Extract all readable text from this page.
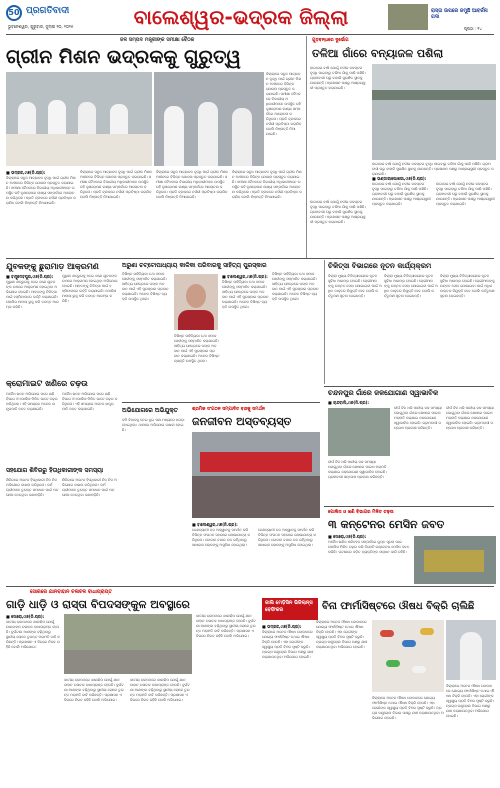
50 ପ୍ରଗତିବାଦୀ
ଭୁବନେଶ୍ୱର, ଗୁରୁବାର, ଜୁଲାଇ ୧୦, ୨୦୨୫	ବାଲେଶ୍ୱର-ଭଦ୍ରକ ଜିଲ୍ଲା	ରାସ୍ତା ଉପରେ ଜମୁଛି ଆବର୍ଜନା ଗଦା
ପୃଷ୍ଠା : ୧୪
ଜଳ ସମ୍ପଦ ମନ୍ତ୍ରୀଙ୍କ ସମୀକ୍ଷା ବୈଠକ
ଗ୍ରୀନ ମିଶନ ଭଦ୍ରକକୁ ଗୁରୁତ୍ୱ
ଜିଲ୍ଲାରେ ସବୁଜ ଆଚ୍ଛାଦନ ବୃଦ୍ଧି ପାଇଁ ଗ୍ରୀନ ମିଶନ ଅଧୀନରେ ବିଭିନ୍ନ ଯୋଜନା ପ୍ରସ୍ତୁତ କରାଯାଇଛି। ସମୀକ୍ଷା ବୈଠକରେ ବିଭାଗୀୟ ଅଧିକାରୀମାନେ ଉପସ୍ଥିତ ରହି ବୃକ୍ଷରୋପଣ ଲକ୍ଷ୍ୟ ସମ୍ପର୍କରେ ଆଲୋଚନା କରିଥିଲେ। ପ୍ରତି ବ୍ଲକରେ ନର୍ସରୀ ପ୍ରତିଷ୍ଠା କରାଯିବ ବୋଲି ନିଷ୍ପତ୍ତି ନିଆଯାଇଛି।
■ ଭଦ୍ରକ,୯ା୭(ନି.ପ୍ର):
ଜିଲ୍ଲାରେ ସବୁଜ ଆଚ୍ଛାଦନ ବୃଦ୍ଧି ପାଇଁ ଗ୍ରୀନ ମିଶନ ଅଧୀନରେ ବିଭିନ୍ନ ଯୋଜନା ପ୍ରସ୍ତୁତ କରାଯାଇଛି। ସମୀକ୍ଷା ବୈଠକରେ ବିଭାଗୀୟ ଅଧିକାରୀମାନେ ଉପସ୍ଥିତ ରହି ବୃକ୍ଷରୋପଣ ଲକ୍ଷ୍ୟ ସମ୍ପର୍କରେ ଆଲୋଚନା କରିଥିଲେ। ପ୍ରତି ବ୍ଲକରେ ନର୍ସରୀ ପ୍ରତିଷ୍ଠା କରାଯିବ ବୋଲି ନିଷ୍ପତ୍ତି ନିଆଯାଇଛି।
ଜିଲ୍ଲାରେ ସବୁଜ ଆଚ୍ଛାଦନ ବୃଦ୍ଧି ପାଇଁ ଗ୍ରୀନ ମିଶନ ଅଧୀନରେ ବିଭିନ୍ନ ଯୋଜନା ପ୍ରସ୍ତୁତ କରାଯାଇଛି। ସମୀକ୍ଷା ବୈଠକରେ ବିଭାଗୀୟ ଅଧିକାରୀମାନେ ଉପସ୍ଥିତ ରହି ବୃକ୍ଷରୋପଣ ଲକ୍ଷ୍ୟ ସମ୍ପର୍କରେ ଆଲୋଚନା କରିଥିଲେ। ପ୍ରତି ବ୍ଲକରେ ନର୍ସରୀ ପ୍ରତିଷ୍ଠା କରାଯିବ ବୋଲି ନିଷ୍ପତ୍ତି ନିଆଯାଇଛି।
ଜିଲ୍ଲାରେ ସବୁଜ ଆଚ୍ଛାଦନ ବୃଦ୍ଧି ପାଇଁ ଗ୍ରୀନ ମିଶନ ଅଧୀନରେ ବିଭିନ୍ନ ଯୋଜନା ପ୍ରସ୍ତୁତ କରାଯାଇଛି। ସମୀକ୍ଷା ବୈଠକରେ ବିଭାଗୀୟ ଅଧିକାରୀମାନେ ଉପସ୍ଥିତ ରହି ବୃକ୍ଷରୋପଣ ଲକ୍ଷ୍ୟ ସମ୍ପର୍କରେ ଆଲୋଚନା କରିଥିଲେ। ପ୍ରତି ବ୍ଲକରେ ନର୍ସରୀ ପ୍ରତିଷ୍ଠା କରାଯିବ ବୋଲି ନିଷ୍ପତ୍ତି ନିଆଯାଇଛି।
ଜିଲ୍ଲାରେ ସବୁଜ ଆଚ୍ଛାଦନ ବୃଦ୍ଧି ପାଇଁ ଗ୍ରୀନ ମିଶନ ଅଧୀନରେ ବିଭିନ୍ନ ଯୋଜନା ପ୍ରସ୍ତୁତ କରାଯାଇଛି। ସମୀକ୍ଷା ବୈଠକରେ ବିଭାଗୀୟ ଅଧିକାରୀମାନେ ଉପସ୍ଥିତ ରହି ବୃକ୍ଷରୋପଣ ଲକ୍ଷ୍ୟ ସମ୍ପର୍କରେ ଆଲୋଚନା କରିଥିଲେ। ପ୍ରତି ବ୍ଲକରେ ନର୍ସରୀ ପ୍ରତିଷ୍ଠା କରାଯିବ ବୋଲି ନିଷ୍ପତ୍ତି ନିଆଯାଇଛି।
ଗୁଡ଼ବନ୍ଧରେ ଦୁର୍ଭୋଗ
ତଳିଆ ଗାଁରେ ବନ୍ୟାଜଳ ପଶିଲା
ଲଗାତାର ବର୍ଷା ଯୋଗୁଁ ନଦୀର ଜଳସ୍ତର ବୃଦ୍ଧି ପାଇବାରୁ ତଳିଆ ଗାଁକୁ ପାଣି ପଶିଛି। ଗ୍ରାମବାସୀ ଘରୁ ବାହାରି ସୁରକ୍ଷିତ ସ୍ଥାନକୁ ଯାଉଛନ୍ତି। ପ୍ରଶାସନ ପକ୍ଷରୁ ଆଶ୍ରୟସ୍ଥଳୀ ପ୍ରସ୍ତୁତ କରାଯାଇଛି।
ଲଗାତାର ବର୍ଷା ଯୋଗୁଁ ନଦୀର ଜଳସ୍ତର ବୃଦ୍ଧି ପାଇବାରୁ ତଳିଆ ଗାଁକୁ ପାଣି ପଶିଛି। ଗ୍ରାମବାସୀ ଘରୁ ବାହାରି ସୁରକ୍ଷିତ ସ୍ଥାନକୁ ଯାଉଛନ୍ତି। ପ୍ରଶାସନ ପକ୍ଷରୁ ଆଶ୍ରୟସ୍ଥଳୀ ପ୍ରସ୍ତୁତ କରାଯାଇଛି।
■ ଭଣ୍ଡାରୀପୋଖରୀ,୯ା୭(ନି.ପ୍ର):
ଲଗାତାର ବର୍ଷା ଯୋଗୁଁ ନଦୀର ଜଳସ୍ତର ବୃଦ୍ଧି ପାଇବାରୁ ତଳିଆ ଗାଁକୁ ପାଣି ପଶିଛି। ଗ୍ରାମବାସୀ ଘରୁ ବାହାରି ସୁରକ୍ଷିତ ସ୍ଥାନକୁ ଯାଉଛନ୍ତି। ପ୍ରଶାସନ ପକ୍ଷରୁ ଆଶ୍ରୟସ୍ଥଳୀ ପ୍ରସ୍ତୁତ କରାଯାଇଛି।
ଲଗାତାର ବର୍ଷା ଯୋଗୁଁ ନଦୀର ଜଳସ୍ତର ବୃଦ୍ଧି ପାଇବାରୁ ତଳିଆ ଗାଁକୁ ପାଣି ପଶିଛି। ଗ୍ରାମବାସୀ ଘରୁ ବାହାରି ସୁରକ୍ଷିତ ସ୍ଥାନକୁ ଯାଉଛନ୍ତି। ପ୍ରଶାସନ ପକ୍ଷରୁ ଆଶ୍ରୟସ୍ଥଳୀ ପ୍ରସ୍ତୁତ କରାଯାଇଛି।
ଲଗାତାର ବର୍ଷା ଯୋଗୁଁ ନଦୀର ଜଳସ୍ତର ବୃଦ୍ଧି ପାଇବାରୁ ତଳିଆ ଗାଁକୁ ପାଣି ପଶିଛି। ଗ୍ରାମବାସୀ ଘରୁ ବାହାରି ସୁରକ୍ଷିତ ସ୍ଥାନକୁ ଯାଉଛନ୍ତି। ପ୍ରଶାସନ ପକ୍ଷରୁ ଆଶ୍ରୟସ୍ଥଳୀ ପ୍ରସ୍ତୁତ କରାଯାଇଛି।
ଯୁବକଙ୍କୁ ଛୁରାମାଡ଼ ଆକ୍ରମଣ
■ ବାସୁଦେବପୁର,୯ା୭(ନି.ପ୍ର):
ପୁରୁଣା ଶତ୍ରୁତାକୁ ନେଇ ଜଣେ ଯୁବକଙ୍କ ଉପରେ ଆକ୍ରମଣ ହୋଇଥିବା ଅଭିଯୋଗ ହୋଇଛି। ଆହତଙ୍କୁ ଚିକିତ୍ସା ପାଇଁ ହସ୍ପିଟାଲରେ ଭର୍ତ୍ତି କରାଯାଇଛି। ପୋଲିସ ମାମଲା ରୁଜୁ କରି ତଦନ୍ତ ଆରମ୍ଭ କରିଛି।
ପୁରୁଣା ଶତ୍ରୁତାକୁ ନେଇ ଜଣେ ଯୁବକଙ୍କ ଉପରେ ଆକ୍ରମଣ ହୋଇଥିବା ଅଭିଯୋଗ ହୋଇଛି। ଆହତଙ୍କୁ ଚିକିତ୍ସା ପାଇଁ ହସ୍ପିଟାଲରେ ଭର୍ତ୍ତି କରାଯାଇଛି। ପୋଲିସ ମାମଲା ରୁଜୁ କରି ତଦନ୍ତ ଆରମ୍ଭ କରିଛି।
କ୍ରୋମାଇଟ ଖଣିରେ ଚଢ଼ଉ
ଅବୈଧ ଖନନ ଅଭିଯୋଗ ପରେ ଖଣି ବିଭାଗ ଓ ପୋଲିସ ମିଳିତ ଭାବେ ଚଢ଼ଉ କରିଥିଲେ। ଏହି ସମୟରେ ଅନେକ ଯନ୍ତ୍ରପାତି ଜବତ କରାଯାଇଛି।
ଅବୈଧ ଖନନ ଅଭିଯୋଗ ପରେ ଖଣି ବିଭାଗ ଓ ପୋଲିସ ମିଳିତ ଭାବେ ଚଢ଼ଉ କରିଥିଲେ। ଏହି ସମୟରେ ଅନେକ ଯନ୍ତ୍ରପାତି ଜବତ କରାଯାଇଛି।
ସହଯୋଗ ଶିବିରରୁ ହିତାଧିକାରୀଙ୍କ ସମସ୍ୟା
ଶିବିରରେ ଅନେକ ହିତାଧିକାରୀ ନିଜ ନିଜ ଅଭିଯୋଗ ଦାଖଲ କରିଥିଲେ। କର୍ମଚାରୀମାନେ ତୁରନ୍ତ ସମାଧାନ ପାଇଁ ପଦକ୍ଷେପ ନେଉଥିବା ଜଣାପଡ଼ିଛି।
ଶିବିରରେ ଅନେକ ହିତାଧିକାରୀ ନିଜ ନିଜ ଅଭିଯୋଗ ଦାଖଲ କରିଥିଲେ। କର୍ମଚାରୀମାନେ ତୁରନ୍ତ ସମାଧାନ ପାଇଁ ପଦକ୍ଷେପ ନେଉଥିବା ଜଣାପଡ଼ିଛି।
ଅରୁଣା ଚଟ୍ଟୋପାଧ୍ୟାୟ କାଳିକା ପରିବାରକୁ ସାହିତ୍ୟ ପୁରସ୍କାର
ବିଶିଷ୍ଟ ସାହିତ୍ୟିକା ତଥା ସମାଜସେବୀଙ୍କୁ ସମ୍ମାନିତ କରାଯାଇଛି। ସାହିତ୍ୟ କ୍ଷେତ୍ରରେ ତାଙ୍କ ଅବଦାନ ପାଇଁ ଏହି ପୁରସ୍କାର ପ୍ରଦାନ କରାଯାଇଛି। ଅନେକ ବିଶିଷ୍ଟ ବ୍ୟକ୍ତି ଉପସ୍ଥିତ ଥିଲେ।
■ ବାଲେଶ୍ୱର,୯ା୭(ନି.ପ୍ର):
ବିଶିଷ୍ଟ ସାହିତ୍ୟିକା ତଥା ସମାଜସେବୀଙ୍କୁ ସମ୍ମାନିତ କରାଯାଇଛି। ସାହିତ୍ୟ କ୍ଷେତ୍ରରେ ତାଙ୍କ ଅବଦାନ ପାଇଁ ଏହି ପୁରସ୍କାର ପ୍ରଦାନ କରାଯାଇଛି। ଅନେକ ବିଶିଷ୍ଟ ବ୍ୟକ୍ତି ଉପସ୍ଥିତ ଥିଲେ।
ବିଶିଷ୍ଟ ସାହିତ୍ୟିକା ତଥା ସମାଜସେବୀଙ୍କୁ ସମ୍ମାନିତ କରାଯାଇଛି। ସାହିତ୍ୟ କ୍ଷେତ୍ରରେ ତାଙ୍କ ଅବଦାନ ପାଇଁ ଏହି ପୁରସ୍କାର ପ୍ରଦାନ କରାଯାଇଛି। ଅନେକ ବିଶିଷ୍ଟ ବ୍ୟକ୍ତି ଉପସ୍ଥିତ ଥିଲେ।
ବିଶିଷ୍ଟ ସାହିତ୍ୟିକା ତଥା ସମାଜସେବୀଙ୍କୁ ସମ୍ମାନିତ କରାଯାଇଛି। ସାହିତ୍ୟ କ୍ଷେତ୍ରରେ ତାଙ୍କ ଅବଦାନ ପାଇଁ ଏହି ପୁରସ୍କାର ପ୍ରଦାନ କରାଯାଇଛି। ଅନେକ ବିଶିଷ୍ଟ ବ୍ୟକ୍ତି ଉପସ୍ଥିତ ଥିଲେ।
ଚିକିତ୍ସା ବିଭାଗରେ ନୂତନ କାର୍ଯ୍ୟକ୍ରମ
ଜିଲ୍ଲା ମୁଖ୍ୟ ଚିକିତ୍ସାଳୟରେ ନୂତନ ସୁବିଧା ଆରମ୍ଭ ହୋଇଛି। ରୋଗୀମାନଙ୍କୁ ଉନ୍ନତ ସେବା ଯୋଗାଇବା ପାଇଁ ଅଧିକ ଡାକ୍ତର ନିଯୁକ୍ତି ହେବ ବୋଲି କର୍ତ୍ତୃପକ୍ଷ ସୂଚନା ଦେଇଛନ୍ତି।
ଜିଲ୍ଲା ମୁଖ୍ୟ ଚିକିତ୍ସାଳୟରେ ନୂତନ ସୁବିଧା ଆରମ୍ଭ ହୋଇଛି। ରୋଗୀମାନଙ୍କୁ ଉନ୍ନତ ସେବା ଯୋଗାଇବା ପାଇଁ ଅଧିକ ଡାକ୍ତର ନିଯୁକ୍ତି ହେବ ବୋଲି କର୍ତ୍ତୃପକ୍ଷ ସୂଚନା ଦେଇଛନ୍ତି।
ଜିଲ୍ଲା ମୁଖ୍ୟ ଚିକିତ୍ସାଳୟରେ ନୂତନ ସୁବିଧା ଆରମ୍ଭ ହୋଇଛି। ରୋଗୀମାନଙ୍କୁ ଉନ୍ନତ ସେବା ଯୋଗାଇବା ପାଇଁ ଅଧିକ ଡାକ୍ତର ନିଯୁକ୍ତି ହେବ ବୋଲି କର୍ତ୍ତୃପକ୍ଷ ସୂଚନା ଦେଇଛନ୍ତି।
ଅଭିଯୋଗରେ ଅଭିଯୁକ୍ତ
ଜମି ବିବାଦକୁ ନେଇ ଦୁଇ ପକ୍ଷ ମଧ୍ୟରେ ଝଗଡ଼ା ହୋଇଥିଲା। ଥାନାରେ ଅଭିଯୋଗ ଦାଖଲ ହୋଇଛି।
ଶ୍ରମିକ ସଂଗଠନ ସମ୍ପାଦିତ ବନ୍ଦକୁ ସମର୍ଥନ
ଜନଜୀବନ ଅସ୍ତବ୍ୟସ୍ତ
■ ବାଲେଶ୍ୱର,୯ା୭(ନି.ପ୍ର):
ଦେଶବ୍ୟାପୀ ବନ୍ଦ ଆହ୍ୱାନକୁ ସମର୍ଥନ କରି ବିଭିନ୍ନ ସଂଗଠନ ସହରରେ ଶୋଭାଯାତ୍ରା କରିଥିଲେ। ଦୋକାନ ବଜାର ବନ୍ଦ ରହିଥିବାରୁ ସାଧାରଣ ଲୋକଙ୍କୁ ଅସୁବିଧା ହୋଇଥିଲା।
ଦେଶବ୍ୟାପୀ ବନ୍ଦ ଆହ୍ୱାନକୁ ସମର୍ଥନ କରି ବିଭିନ୍ନ ସଂଗଠନ ସହରରେ ଶୋଭାଯାତ୍ରା କରିଥିଲେ। ଦୋକାନ ବଜାର ବନ୍ଦ ରହିଥିବାରୁ ସାଧାରଣ ଲୋକଙ୍କୁ ଅସୁବିଧା ହୋଇଥିଲା।
ଚନ୍ଦନପୁର ଗାଁରେ ଜଳଯୋଗାଣ ସ୍ୱାଭାବିକ
■ ଚାନ୍ଦବାଲି,୯ା୭(ନି.ପ୍ର):
ଦୀର୍ଘ ଦିନ ଧରି ପାନୀୟ ଜଳ ସମସ୍ୟା ଭୋଗୁଥିବା ଗାଁରେ ଶେଷରେ ପାଇପ ମରାମତି କରାଯାଇ ଜଳଯୋଗାଣ ସ୍ୱାଭାବିକ ହୋଇଛି। ଗ୍ରାମବାସୀ ସନ୍ତୋଷ ପ୍ରକାଶ କରିଛନ୍ତି।
ଦୀର୍ଘ ଦିନ ଧରି ପାନୀୟ ଜଳ ସମସ୍ୟା ଭୋଗୁଥିବା ଗାଁରେ ଶେଷରେ ପାଇପ ମରାମତି କରାଯାଇ ଜଳଯୋଗାଣ ସ୍ୱାଭାବିକ ହୋଇଛି। ଗ୍ରାମବାସୀ ସନ୍ତୋଷ ପ୍ରକାଶ କରିଛନ୍ତି।
ଦୀର୍ଘ ଦିନ ଧରି ପାନୀୟ ଜଳ ସମସ୍ୟା ଭୋଗୁଥିବା ଗାଁରେ ଶେଷରେ ପାଇପ ମରାମତି କରାଯାଇ ଜଳଯୋଗାଣ ସ୍ୱାଭାବିକ ହୋଇଛି। ଗ୍ରାମବାସୀ ସନ୍ତୋଷ ପ୍ରକାଶ କରିଛନ୍ତି।
ପୋଲିସ ଓ ଖଣି ବିଭାଗର ମିଳିତ ଚଢ଼ଉ
୩ କନ୍ଟେନର ମେସିନ ଜବତ
■ ସୋରୋ,୯ା୭(ନି.ପ୍ର):
ଅବୈଧ ଖଣିଜ ପରିବହନ ସମ୍ପର୍କରେ ଗୁପ୍ତ ସୂଚନା ପାଇ ପୋଲିସ ମିଳିତ ଚଢ଼ଉ କରି ତିନୋଟି କଣ୍ଟେନର ମେସିନ ଜବତ କରିଛି। ଘଟଣାରେ ଜଡ଼ିତ ବ୍ୟକ୍ତିଙ୍କ ସନ୍ଧାନ ଜାରି ରହିଛି।
ସୋରରେ ଯାନବାହାନ ଚଳାଚଳ ବାଧାପ୍ରାପ୍ତ
ଗାଡ଼ି ଧାଡ଼ି ଓ ରାସ୍ତା ବିପଦସଙ୍କୁଳ ଅବସ୍ଥାରେ
■ ସୋରୋ,୯ା୭(ନି.ପ୍ର):
ଜାତୀୟ ରାଜପଥରେ ଖାଲଢିପ ଯୋଗୁଁ ଯାନବାହାନ ଚଳାଚଳ ବାଧାପ୍ରାପ୍ତ ହେଉଛି। ଦୁର୍ଘଟଣା ଆଶଙ୍କା ବଢ଼ିଥିବାରୁ ସ୍ଥାନୀୟ ଲୋକେ ତୁରନ୍ତ ମରାମତି ଦାବି କରିଛନ୍ତି। ପ୍ରଶାସନ ଏ ଦିଗରେ ନିରବ ରହିଛି ବୋଲି ଅଭିଯୋଗ।
ଜାତୀୟ ରାଜପଥରେ ଖାଲଢିପ ଯୋଗୁଁ ଯାନବାହାନ ଚଳାଚଳ ବାଧାପ୍ରାପ୍ତ ହେଉଛି। ଦୁର୍ଘଟଣା ଆଶଙ୍କା ବଢ଼ିଥିବାରୁ ସ୍ଥାନୀୟ ଲୋକେ ତୁରନ୍ତ ମରାମତି ଦାବି କରିଛନ୍ତି। ପ୍ରଶାସନ ଏ ଦିଗରେ ନିରବ ରହିଛି ବୋଲି ଅଭିଯୋଗ।
ଜାତୀୟ ରାଜପଥରେ ଖାଲଢିପ ଯୋଗୁଁ ଯାନବାହାନ ଚଳାଚଳ ବାଧାପ୍ରାପ୍ତ ହେଉଛି। ଦୁର୍ଘଟଣା ଆଶଙ୍କା ବଢ଼ିଥିବାରୁ ସ୍ଥାନୀୟ ଲୋକେ ତୁରନ୍ତ ମରାମତି ଦାବି କରିଛନ୍ତି। ପ୍ରଶାସନ ଏ ଦିଗରେ ନିରବ ରହିଛି ବୋଲି ଅଭିଯୋଗ।
ଜାତୀୟ ରାଜପଥରେ ଖାଲଢିପ ଯୋଗୁଁ ଯାନବାହାନ ଚଳାଚଳ ବାଧାପ୍ରାପ୍ତ ହେଉଛି। ଦୁର୍ଘଟଣା ଆଶଙ୍କା ବଢ଼ିଥିବାରୁ ସ୍ଥାନୀୟ ଲୋକେ ତୁରନ୍ତ ମରାମତି ଦାବି କରିଛନ୍ତି। ପ୍ରଶାସନ ଏ ଦିଗରେ ନିରବ ରହିଛି ବୋଲି ଅଭିଯୋଗ।
ଜାଲି ମେଡ଼ିସିନ ଭିଜିଲାନ୍ସ ବେଫିକର	ବିନା ଫାର୍ମାସିଷ୍ଟରେ ଔଷଧ ବିକ୍ରି ଚାଲିଛି
■ ଭଦ୍ରକ,୯ା୭(ନି.ପ୍ର):
ଜିଲ୍ଲାରେ ଅନେକ ଔଷଧ ଦୋକାନରେ ଯୋଗ୍ୟ ଫାର୍ମାସିଷ୍ଟ ନଥାଇ ଔଷଧ ବିକ୍ରି ହେଉଛି। ଏହା ରୋଗୀଙ୍କ ସ୍ୱାସ୍ଥ୍ୟ ପ୍ରତି ବିପଦ ସୃଷ୍ଟି କରୁଛି। ଡ୍ରଗ୍ସ କଣ୍ଟ୍ରୋଲ ବିଭାଗ ପକ୍ଷରୁ ଯାଞ୍ଚ କରାଯାଉନଥିବା ଅଭିଯୋଗ ହୋଇଛି।
ଜିଲ୍ଲାରେ ଅନେକ ଔଷଧ ଦୋକାନରେ ଯୋଗ୍ୟ ଫାର୍ମାସିଷ୍ଟ ନଥାଇ ଔଷଧ ବିକ୍ରି ହେଉଛି। ଏହା ରୋଗୀଙ୍କ ସ୍ୱାସ୍ଥ୍ୟ ପ୍ରତି ବିପଦ ସୃଷ୍ଟି କରୁଛି। ଡ୍ରଗ୍ସ କଣ୍ଟ୍ରୋଲ ବିଭାଗ ପକ୍ଷରୁ ଯାଞ୍ଚ କରାଯାଉନଥିବା ଅଭିଯୋଗ ହୋଇଛି।
ଜିଲ୍ଲାରେ ଅନେକ ଔଷଧ ଦୋକାନରେ ଯୋଗ୍ୟ ଫାର୍ମାସିଷ୍ଟ ନଥାଇ ଔଷଧ ବିକ୍ରି ହେଉଛି। ଏହା ରୋଗୀଙ୍କ ସ୍ୱାସ୍ଥ୍ୟ ପ୍ରତି ବିପଦ ସୃଷ୍ଟି କରୁଛି। ଡ୍ରଗ୍ସ କଣ୍ଟ୍ରୋଲ ବିଭାଗ ପକ୍ଷରୁ ଯାଞ୍ଚ କରାଯାଉନଥିବା ଅଭିଯୋଗ ହୋଇଛି।
ଜିଲ୍ଲାରେ ଅନେକ ଔଷଧ ଦୋକାନରେ ଯୋଗ୍ୟ ଫାର୍ମାସିଷ୍ଟ ନଥାଇ ଔଷଧ ବିକ୍ରି ହେଉଛି। ଏହା ରୋଗୀଙ୍କ ସ୍ୱାସ୍ଥ୍ୟ ପ୍ରତି ବିପଦ ସୃଷ୍ଟି କରୁଛି। ଡ୍ରଗ୍ସ କଣ୍ଟ୍ରୋଲ ବିଭାଗ ପକ୍ଷରୁ ଯାଞ୍ଚ କରାଯାଉନଥିବା ଅଭିଯୋଗ ହୋଇଛି।
